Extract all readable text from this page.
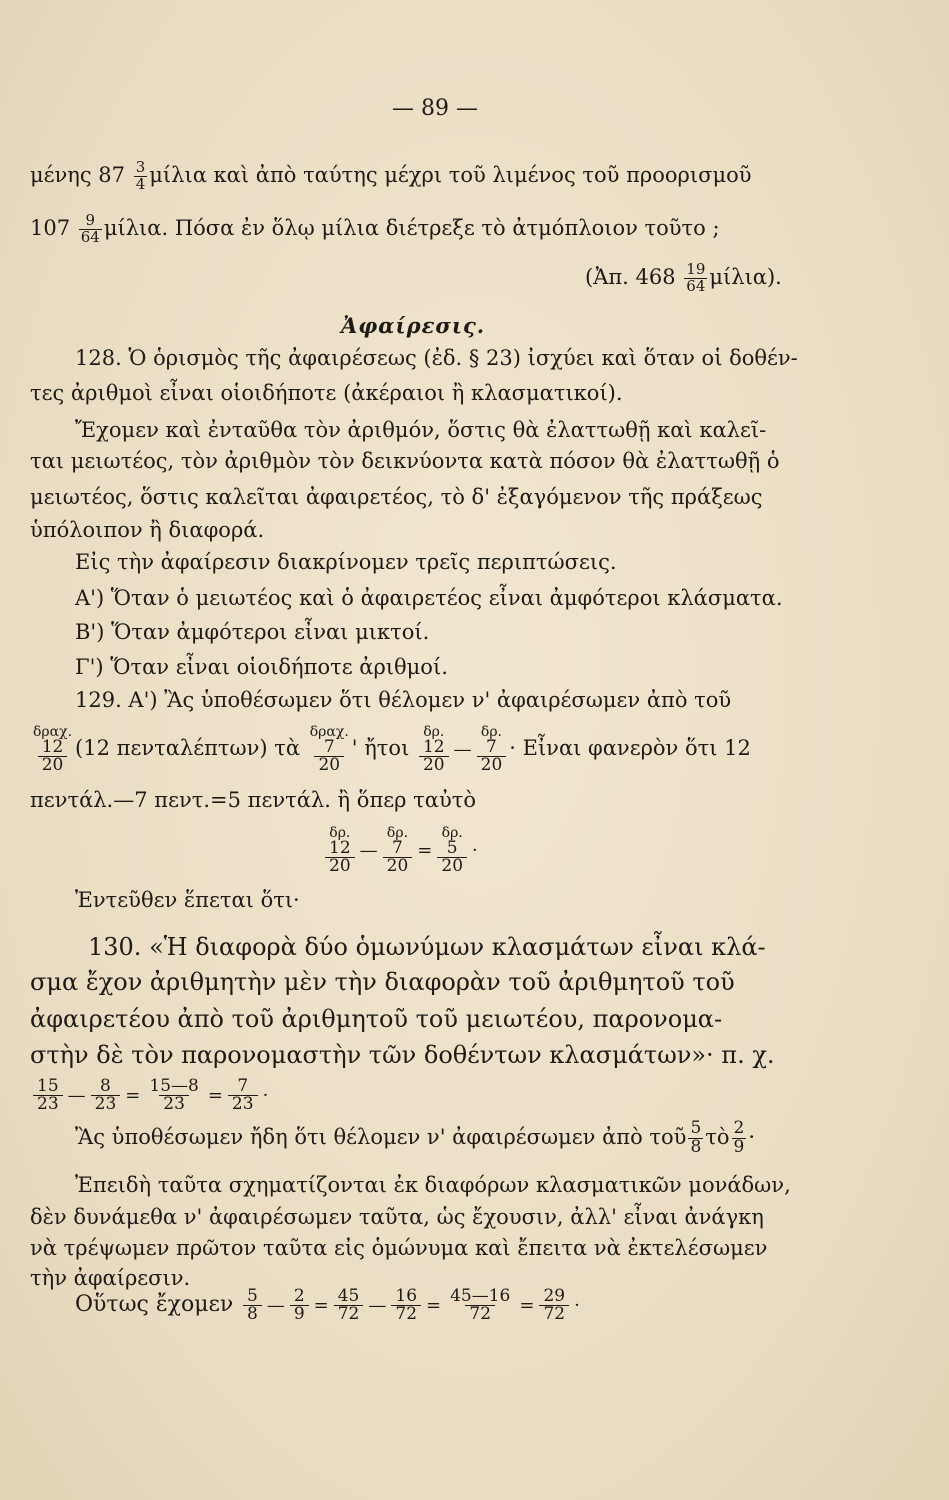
— 89 —
μένης $87 \frac{3}{4}$ μίλια καὶ ἀπὸ ταύτης μέχρι τοῦ λιμένος τοῦ προορισμοῦ
$107 \frac{9}{64} \mu ί\lambda\iota\alpha$. Πόσα ἐν ὅλῳ μίλια διέτρεξε τὸ ἀτμόπλοιον τοῦτο ;
(Ἀπ. $468 \frac{19}{64} \mu ί\lambda\iota\alpha$).
Ἀφαίρεσις.
128. Ὁ ὁρισμὸς τῆς ἀφαιρέσεως (ἐδ. § 23) ἰσχύει καὶ ὅταν οἱ δοθέν-
τες ἀριθμοὶ εἶναι οἱοιδήποτε (ἀκέραιοι ἢ κλασματικοί).
Ἔχομεν καὶ ἐνταῦθα τὸν ἀριθμόν, ὅστις θὰ ἐλαττωθῇ καὶ καλεῖ-
ται μειωτέος, τὸν ἀριθμὸν τὸν δεικνύοντα κατὰ πόσον θὰ ἐλαττωθῇ ὁ
μειωτέος, ὅστις καλεῖται ἀφαιρετέος, τὸ δ' ἐξαγόμενον τῆς πράξεως
ὑπόλοιπον ἢ διαφορά.
Εἰς τὴν ἀφαίρεσιν διακρίνομεν τρεῖς περιπτώσεις.
Α') Ὅταν ὁ μειωτέος καὶ ὁ ἀφαιρετέος εἶναι ἀμφότεροι κλάσματα.
Β') Ὅταν ἀμφότεροι εἶναι μικτοί.
Γ') Ὅταν εἶναι οἱοιδήποτε ἀριθμοί.
129. Α') Ἂς ὑποθέσωμεν ὅτι θέλομεν ν' ἀφαιρέσωμεν ἀπὸ τοῦ
δραχ.
12
20
(12 πενταλέπτων) τὰ
δραχ.
7
20
' ἤτοι
δρ.
12
20
—
δρ.
7
20
· Εἶναι φανερὸν ὅτι 12
πεντάλ.—7 πεντ.=5 πεντάλ. ἢ ὅπερ ταὐτὸ
δρ.
12
20
—
δρ.
7
20
=
δρ.
5
20
·
Ἐντεῦθεν ἕπεται ὅτι·
130. «Ἡ διαφορὰ δύο ὁμωνύμων κλασμάτων εἶναι κλά-
σμα ἔχον ἀριθμητὴν μὲν τὴν διαφορὰν τοῦ ἀριθμητοῦ τοῦ
ἀφαιρετέου ἀπὸ τοῦ ἀριθμητοῦ τοῦ μειωτέου, παρονομα-
στὴν δὲ τὸν παρονομαστὴν τῶν δοθέντων κλασμάτων»· π. χ.
$\frac{15}{23}$ — $\frac{8}{23} = \frac{15—8}{23} = \frac{7}{23}$ ·
Ἂς ὑποθέσωμεν ἤδη ὅτι θέλομεν ν' ἀφαιρέσωμεν ἀπὸ τοῦ $\frac{5}{8}$ τὸ $\frac{2}{9}$ ·
Ἐπειδὴ ταῦτα σχηματίζονται ἐκ διαφόρων κλασματικῶν μονάδων,
δὲν δυνάμεθα ν' ἀφαιρέσωμεν ταῦτα, ὡς ἔχουσιν, ἀλλ' εἶναι ἀνάγκη
νὰ τρέψωμεν πρῶτον ταῦτα εἰς ὁμώνυμα καὶ ἔπειτα νὰ ἐκτελέσωμεν
τὴν ἀφαίρεσιν.
Οὕτως ἔχομεν $\frac{5}{8}$ — $\frac{2}{9} = \frac{45}{72}$ — $\frac{16}{72} = \frac{45—16}{72} = \frac{29}{72}$ ·
